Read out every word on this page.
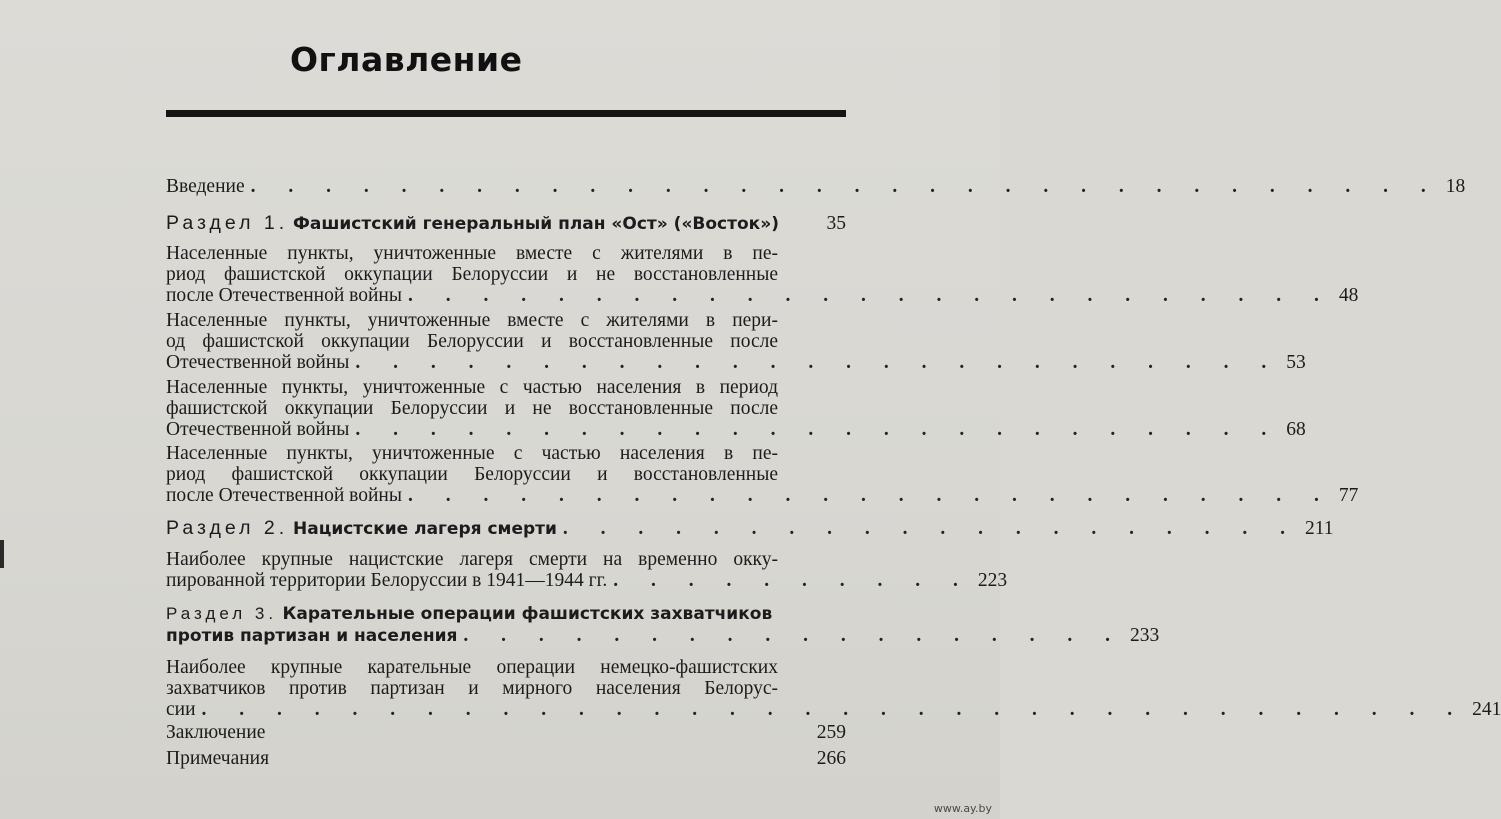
Оглавление
Введение . . . . . . . . . . . . . . . . . . . . . . . . . . . . . . . . 18
Раздел 1. Фашистский генеральный план «Ост» («Восток»)	35
Населенные пункты, уничтоженные вместе с жителями в пе-
риод фашистской оккупации Белоруссии и не восстановленные
после Отечественной войны . . . . . . . . . . . . . . . . . . . . . . . . . 48
Населенные пункты, уничтоженные вместе с жителями в пери-
од фашистской оккупации Белоруссии и восстановленные после
Отечественной войны . . . . . . . . . . . . . . . . . . . . . . . . . 53
Населенные пункты, уничтоженные с частью населения в период
фашистской оккупации Белоруссии и не восстановленные после
Отечественной войны . . . . . . . . . . . . . . . . . . . . . . . . . 68
Населенные пункты, уничтоженные с частью населения в пе-
риод фашистской оккупации Белоруссии и восстановленные
после Отечественной войны . . . . . . . . . . . . . . . . . . . . . . . . . 77
Раздел 2. Нацистские лагеря смерти . . . . . . . . . . . . . . . . . . . . 211
Наиболее крупные нацистские лагеря смерти на временно окку-
пированной территории Белоруссии в 1941—1944 гг. . . . . . . . . . . 223
Раздел 3. Карательные операции фашистских захватчиков
против партизан и населения . . . . . . . . . . . . . . . . . . 233
Наиболее крупные карательные операции немецко-фашистских
захватчиков против партизан и мирного населения Белорус-
сии . . . . . . . . . . . . . . . . . . . . . . . . . . . . . . . . . . 241
Заключение	259
Примечания	266
www.ay.by
